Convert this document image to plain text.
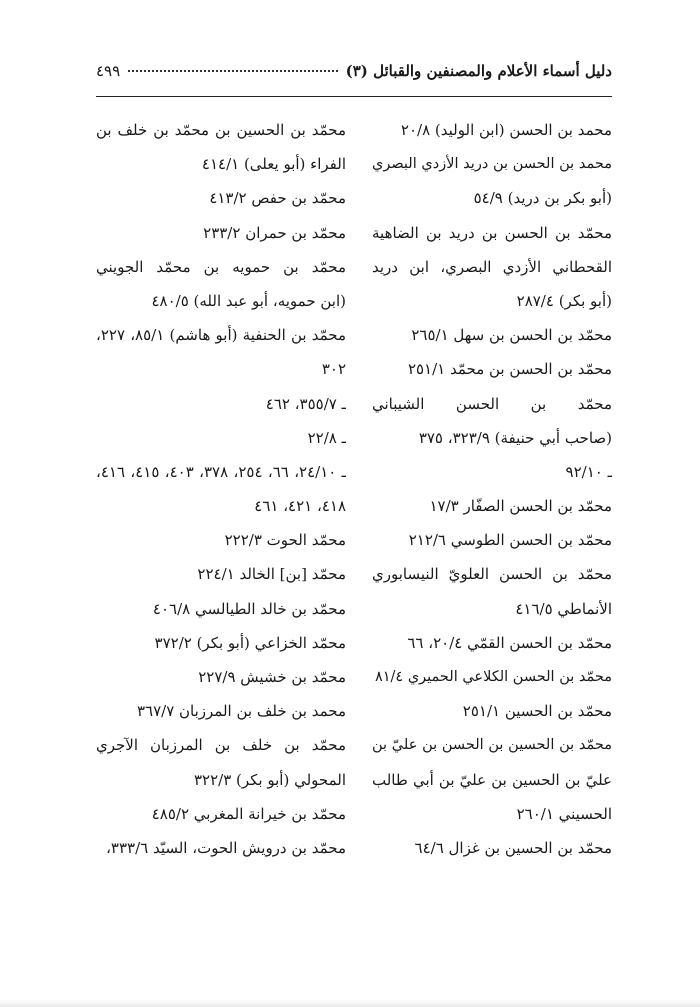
دليل أسماء الأعلام والمصنفين والقبائل (٣)
٤٩٩
محمد بن الحسن (ابن الوليد) ٢٠/٨
محمد بن الحسن بن دريد الأزدي البصري
(أبو بكر بن دريد) ٥٤/٩
محمّد بن الحسن بن دريد بن الضاهية
القحطاني الأزدي البصري، ابن دريد
(أبو بكر) ٢٨٧/٤
محمّد بن الحسن بن سهل ٢٦٥/١
محمّد بن الحسن بن محمّد ٢٥١/١
محمّد بن الحسن الشيباني
(صاحب أبي حنيفة) ٣٢٣/٩، ٣٧٥
ـ ٩٢/١٠
محمّد بن الحسن الصفّار ١٧/٣
محمّد بن الحسن الطوسي ٢١٢/٦
محمّد بن الحسن العلويّ النيسابوري
الأنماطي ٤١٦/٥
محمّد بن الحسن القمّي ٢٠/٤، ٦٦
محمّد بن الحسن الكلاعي الحميري ٨١/٤
محمّد بن الحسين ٢٥١/١
محمّد بن الحسين بن الحسن بن عليّ بن
عليّ بن الحسين بن عليّ بن أبي طالب
الحسيني ٢٦٠/١
محمّد بن الحسين بن غزال ٦٤/٦
محمّد بن الحسين بن محمّد بن خلف بن
الفراء (أبو يعلى) ٤١٤/١
محمّد بن حفص ٤١٣/٢
محمّد بن حمران ٢٣٣/٢
محمّد بن حمويه بن محمّد الجويني
(ابن حمويه، أبو عبد الله) ٤٨٠/٥
محمّد بن الحنفية (أبو هاشم) ٨٥/١، ٢٢٧،
٣٠٢
ـ ٣٥٥/٧، ٤٦٢
ـ ٢٢/٨
ـ ٢٤/١٠، ٦٦، ٢٥٤، ٣٧٨، ٤٠٣، ٤١٥، ٤١٦،
٤١٨، ٤٢١، ٤٦١
محمّد الحوت ٢٢٢/٣
محمّد [بن] الخالد ٢٢٤/١
محمّد بن خالد الطيالسي ٤٠٦/٨
محمّد الخزاعي (أبو بكر) ٣٧٢/٢
محمّد بن خشيش ٢٢٧/٩
محمد بن خلف بن المرزبان ٣٦٧/٧
محمّد بن خلف بن المرزبان الآجري
المحولي (أبو بكر) ٣٢٢/٣
محمّد بن خيرانة المغربي ٤٨٥/٢
محمّد بن درويش الحوت، السيّد ٣٣٣/٦،
